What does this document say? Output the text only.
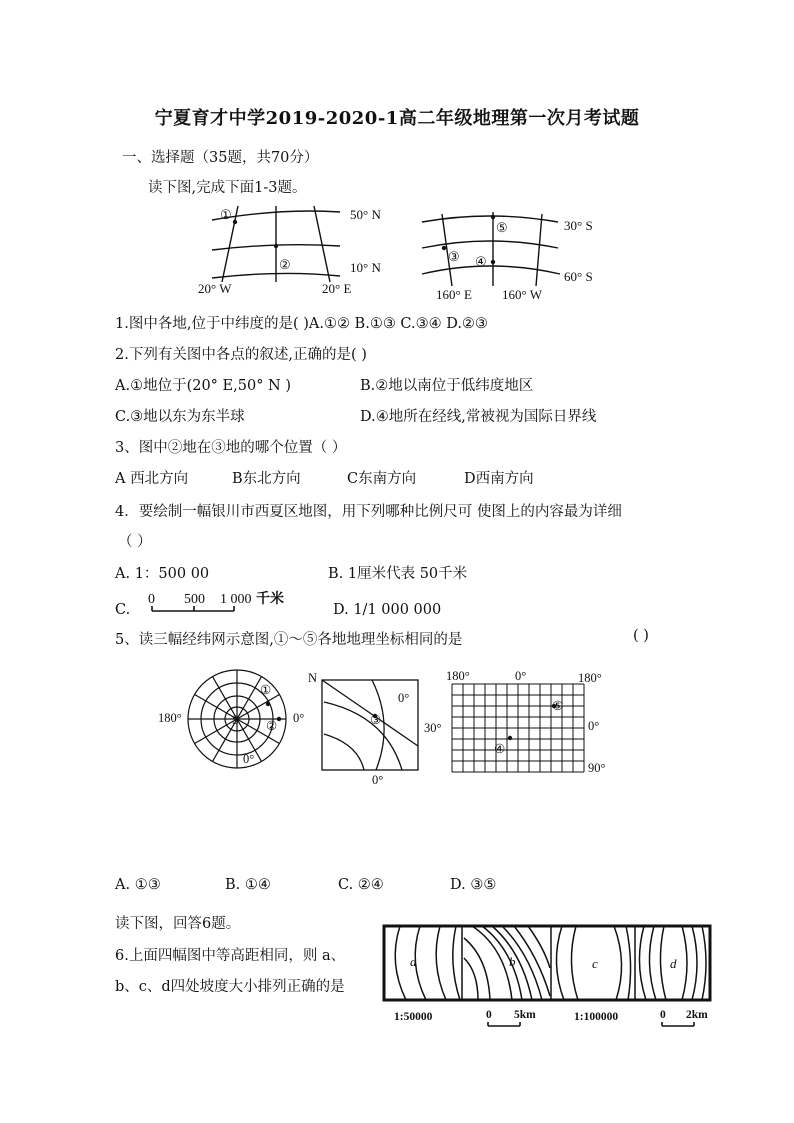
宁夏育才中学2019-2020-1高二年级地理第一次月考试题
一、选择题（35题，共70分）
读下图,完成下面1-3题。
①
②
③ ④
⑤
50° N
10° N
20° W	20° E
30° S
60° S
160° E 160° W
1.图中各地,位于中纬度的是( )A.①② B.①③ C.③④ D.②③
2.下列有关图中各点的叙述,正确的是( )
A.①地位于(20° E,50° N )	B.②地以南位于低纬度地区
C.③地以东为东半球	D.④地所在经线,常被视为国际日界线
3、图中②地在③地的哪个位置（ ）
A 西北方向	B东北方向	C东南方向	D西南方向
4．要绘制一幅银川市西夏区地图，用下列哪种比例尺可 使图上的内容最为详细
（ ）
A. 1：500 00	B. 1厘米代表 50千米
C.
0 500 1 000 千米
D. 1/1 000 000
5、读三幅经纬网示意图,①～⑤各地地理坐标相同的是	( )
S
180°	0°
0°
①
②
N
0°
③
30°
0°
180°	0°	180°
⑤
④
0°
90°
A. ①③	B. ①④	C. ②④	D. ③⑤
读下图，回答6题。
6.上面四幅图中等高距相同，则 a、
b、c、d四处坡度大小排列正确的是
a	b	c	d
1:50000	0 5km	1:100000	0 2km
